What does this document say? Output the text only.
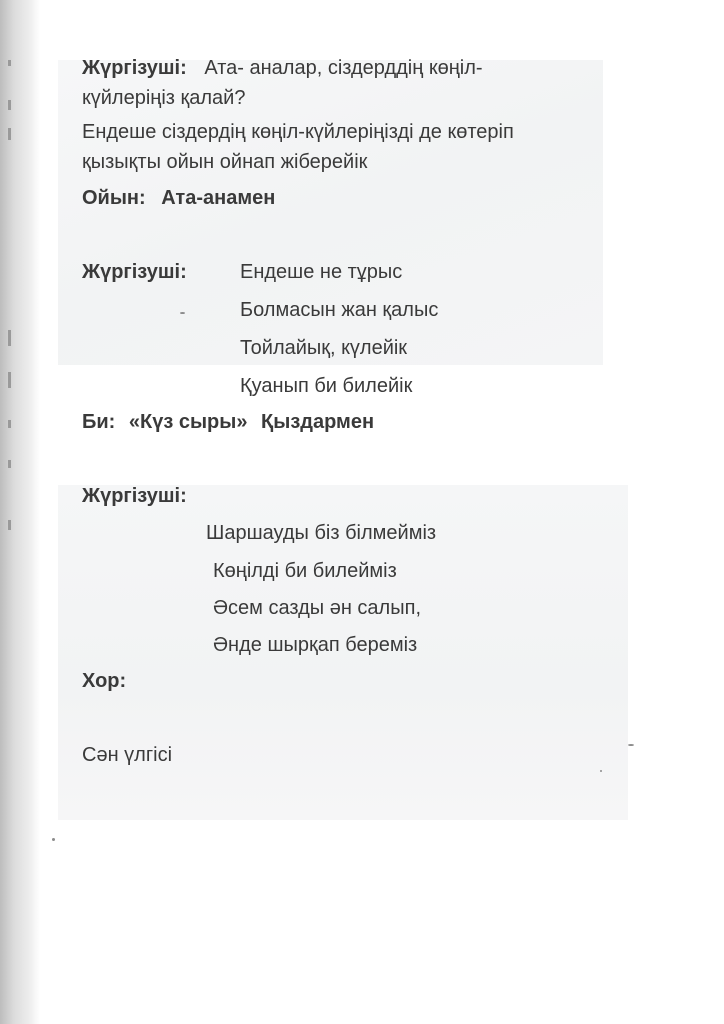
Жүргізуші: Ата- аналар, сіздерддің көңіл-
күйлеріңіз қалай?
Ендеше сіздердің көңіл-күйлеріңізді де көтеріп
қызықты ойын ойнап жіберейік
Ойын: Ата-анамен
Жүргізуші:	Ендеше не тұрыс
Болмасын жан қалыс
Тойлайық, күлейік
Қуанып би билейік
Би: «Күз сыры» Қыздармен
Жүргізуші:
Шаршауды біз білмейміз
Көңілді би билейміз
Әсем сазды ән салып,
Әнде шырқап береміз
Хор:
Сән үлгісі
